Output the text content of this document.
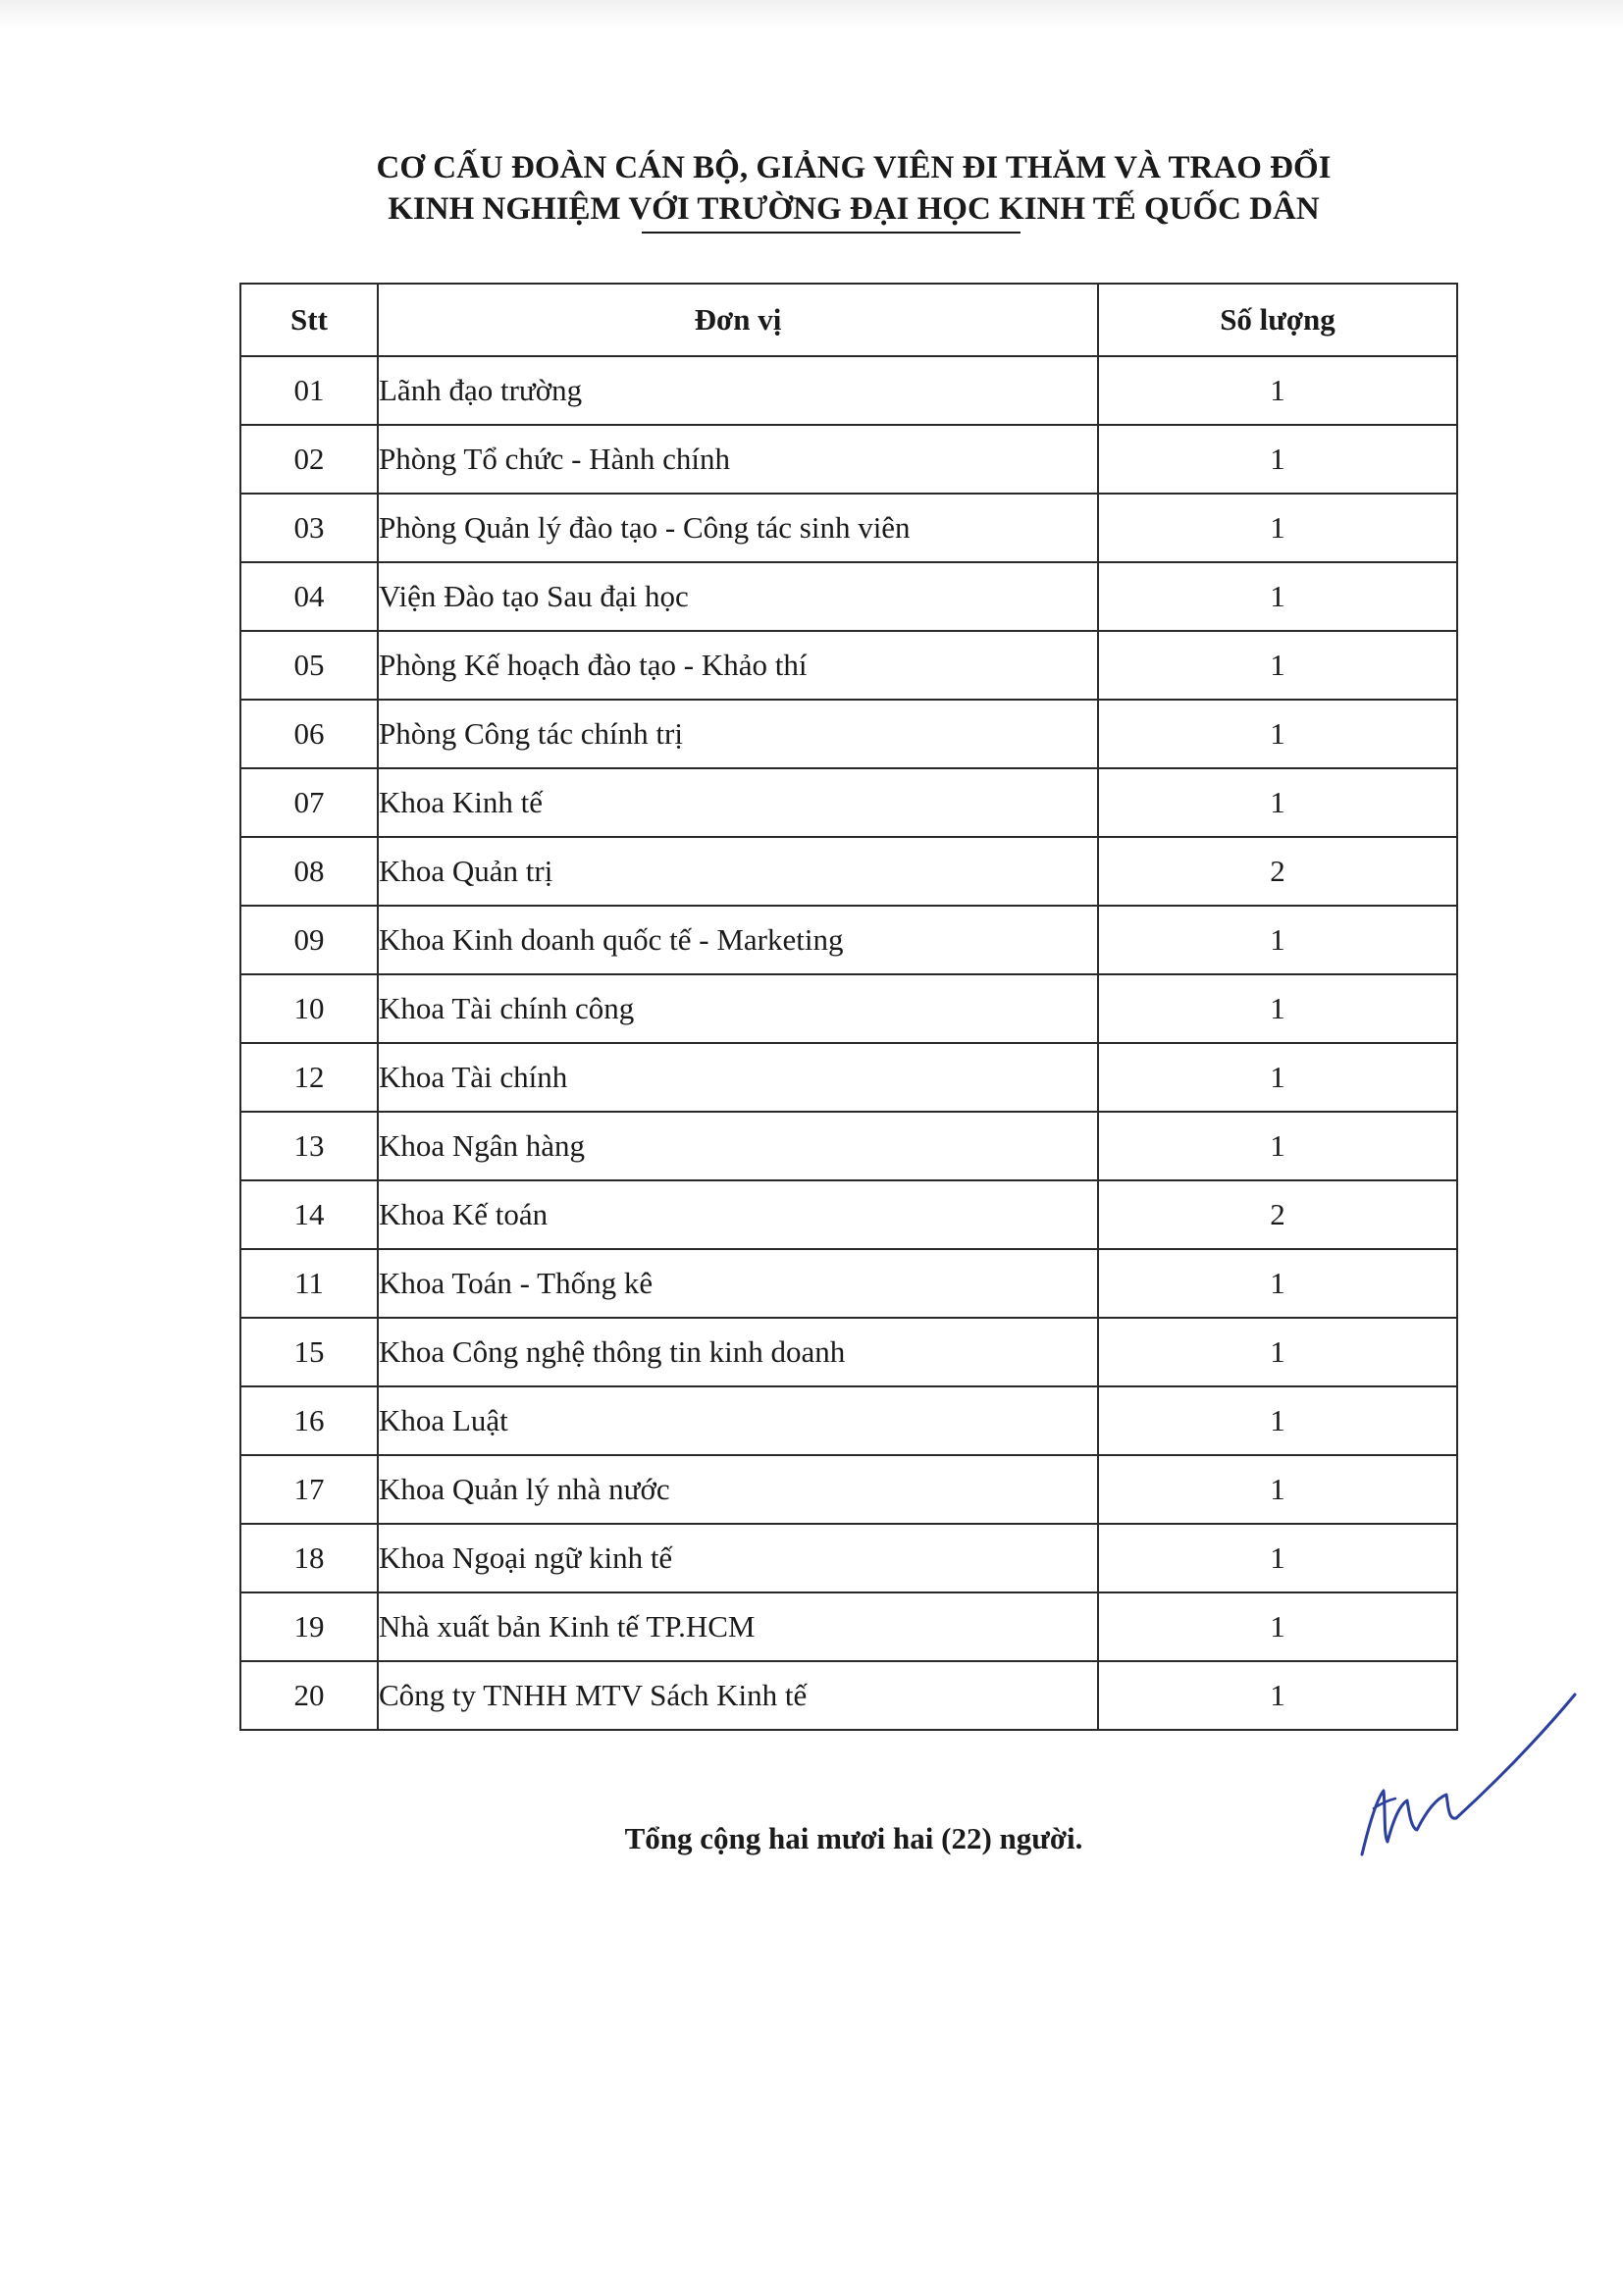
CƠ CẤU ĐOÀN CÁN BỘ, GIẢNG VIÊN ĐI THĂM VÀ TRAO ĐỔI
KINH NGHIỆM VỚI TRƯỜNG ĐẠI HỌC KINH TẾ QUỐC DÂN
Stt	Đơn vị	Số lượng
01	Lãnh đạo trường	1
02	Phòng Tổ chức - Hành chính	1
03	Phòng Quản lý đào tạo - Công tác sinh viên	1
04	Viện Đào tạo Sau đại học	1
05	Phòng Kế hoạch đào tạo - Khảo thí	1
06	Phòng Công tác chính trị	1
07	Khoa Kinh tế	1
08	Khoa Quản trị	2
09	Khoa Kinh doanh quốc tế - Marketing	1
10	Khoa Tài chính công	1
12	Khoa Tài chính	1
13	Khoa Ngân hàng	1
14	Khoa Kế toán	2
11	Khoa Toán - Thống kê	1
15	Khoa Công nghệ thông tin kinh doanh	1
16	Khoa Luật	1
17	Khoa Quản lý nhà nước	1
18	Khoa Ngoại ngữ kinh tế	1
19	Nhà xuất bản Kinh tế TP.HCM	1
20	Công ty TNHH MTV Sách Kinh tế	1
Tổng cộng hai mươi hai (22) người.
